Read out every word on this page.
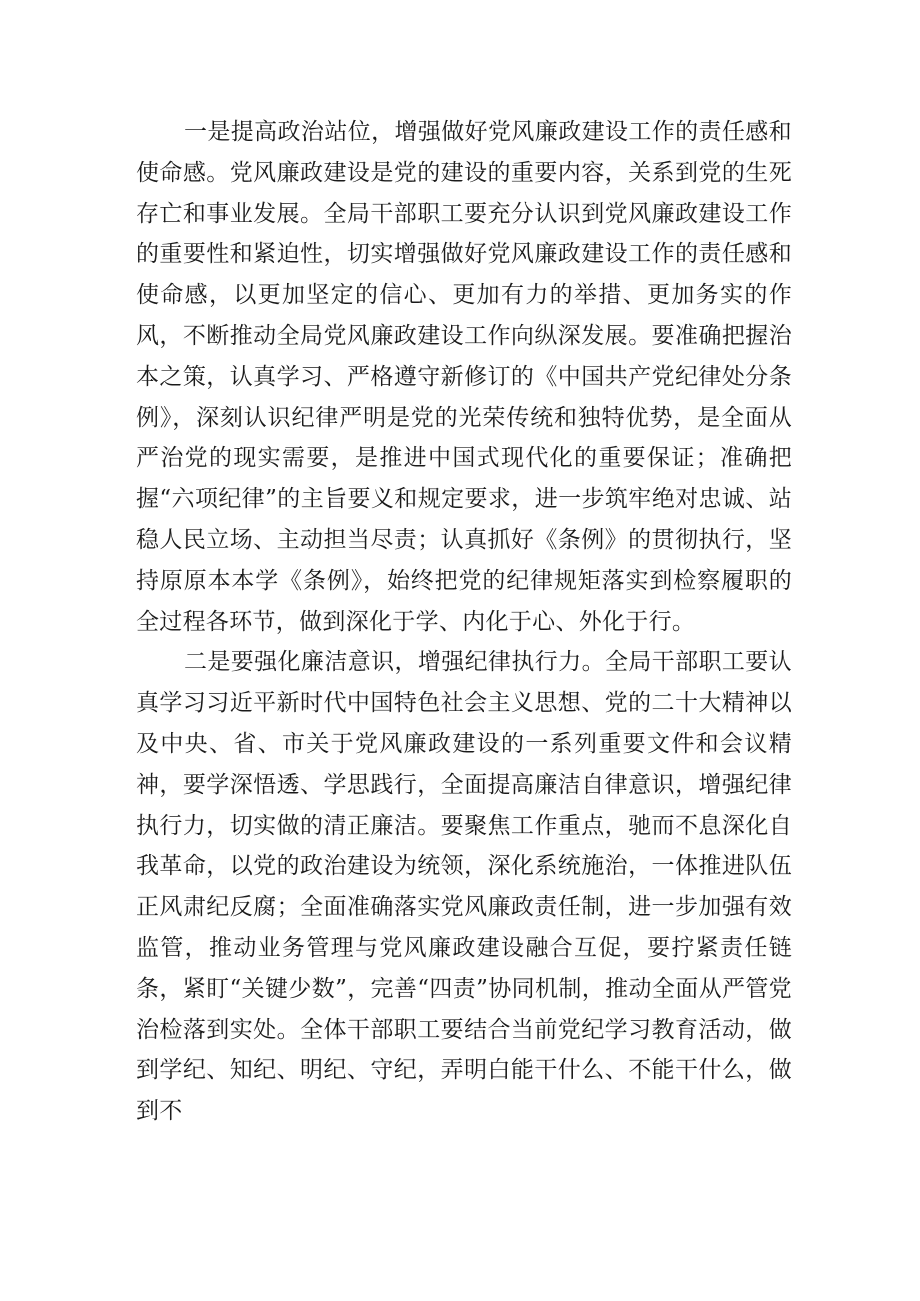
一是提高政治站位，增强做好党风廉政建设工作的责任感和使命感。党风廉政建设是党的建设的重要内容，关系到党的生死存亡和事业发展。全局干部职工要充分认识到党风廉政建设工作的重要性和紧迫性，切实增强做好党风廉政建设工作的责任感和使命感，以更加坚定的信心、更加有力的举措、更加务实的作风，不断推动全局党风廉政建设工作向纵深发展。要准确把握治本之策，认真学习、严格遵守新修订的《中国共产党纪律处分条例》，深刻认识纪律严明是党的光荣传统和独特优势，是全面从严治党的现实需要，是推进中国式现代化的重要保证；准确把握“六项纪律”的主旨要义和规定要求，进一步筑牢绝对忠诚、站稳人民立场、主动担当尽责；认真抓好《条例》的贯彻执行，坚持原原本本学《条例》，始终把党的纪律规矩落实到检察履职的全过程各环节，做到深化于学、内化于心、外化于行。

二是要强化廉洁意识，增强纪律执行力。全局干部职工要认真学习习近平新时代中国特色社会主义思想、党的二十大精神以及中央、省、市关于党风廉政建设的一系列重要文件和会议精神，要学深悟透、学思践行，全面提高廉洁自律意识，增强纪律执行力，切实做的清正廉洁。要聚焦工作重点，驰而不息深化自我革命，以党的政治建设为统领，深化系统施治，一体推进队伍正风肃纪反腐；全面准确落实党风廉政责任制，进一步加强有效监管，推动业务管理与党风廉政建设融合互促，要拧紧责任链条，紧盯“关键少数”，完善“四责”协同机制，推动全面从严管党治检落到实处。全体干部职工要结合当前党纪学习教育活动，做到学纪、知纪、明纪、守纪，弄明白能干什么、不能干什么，做到不
